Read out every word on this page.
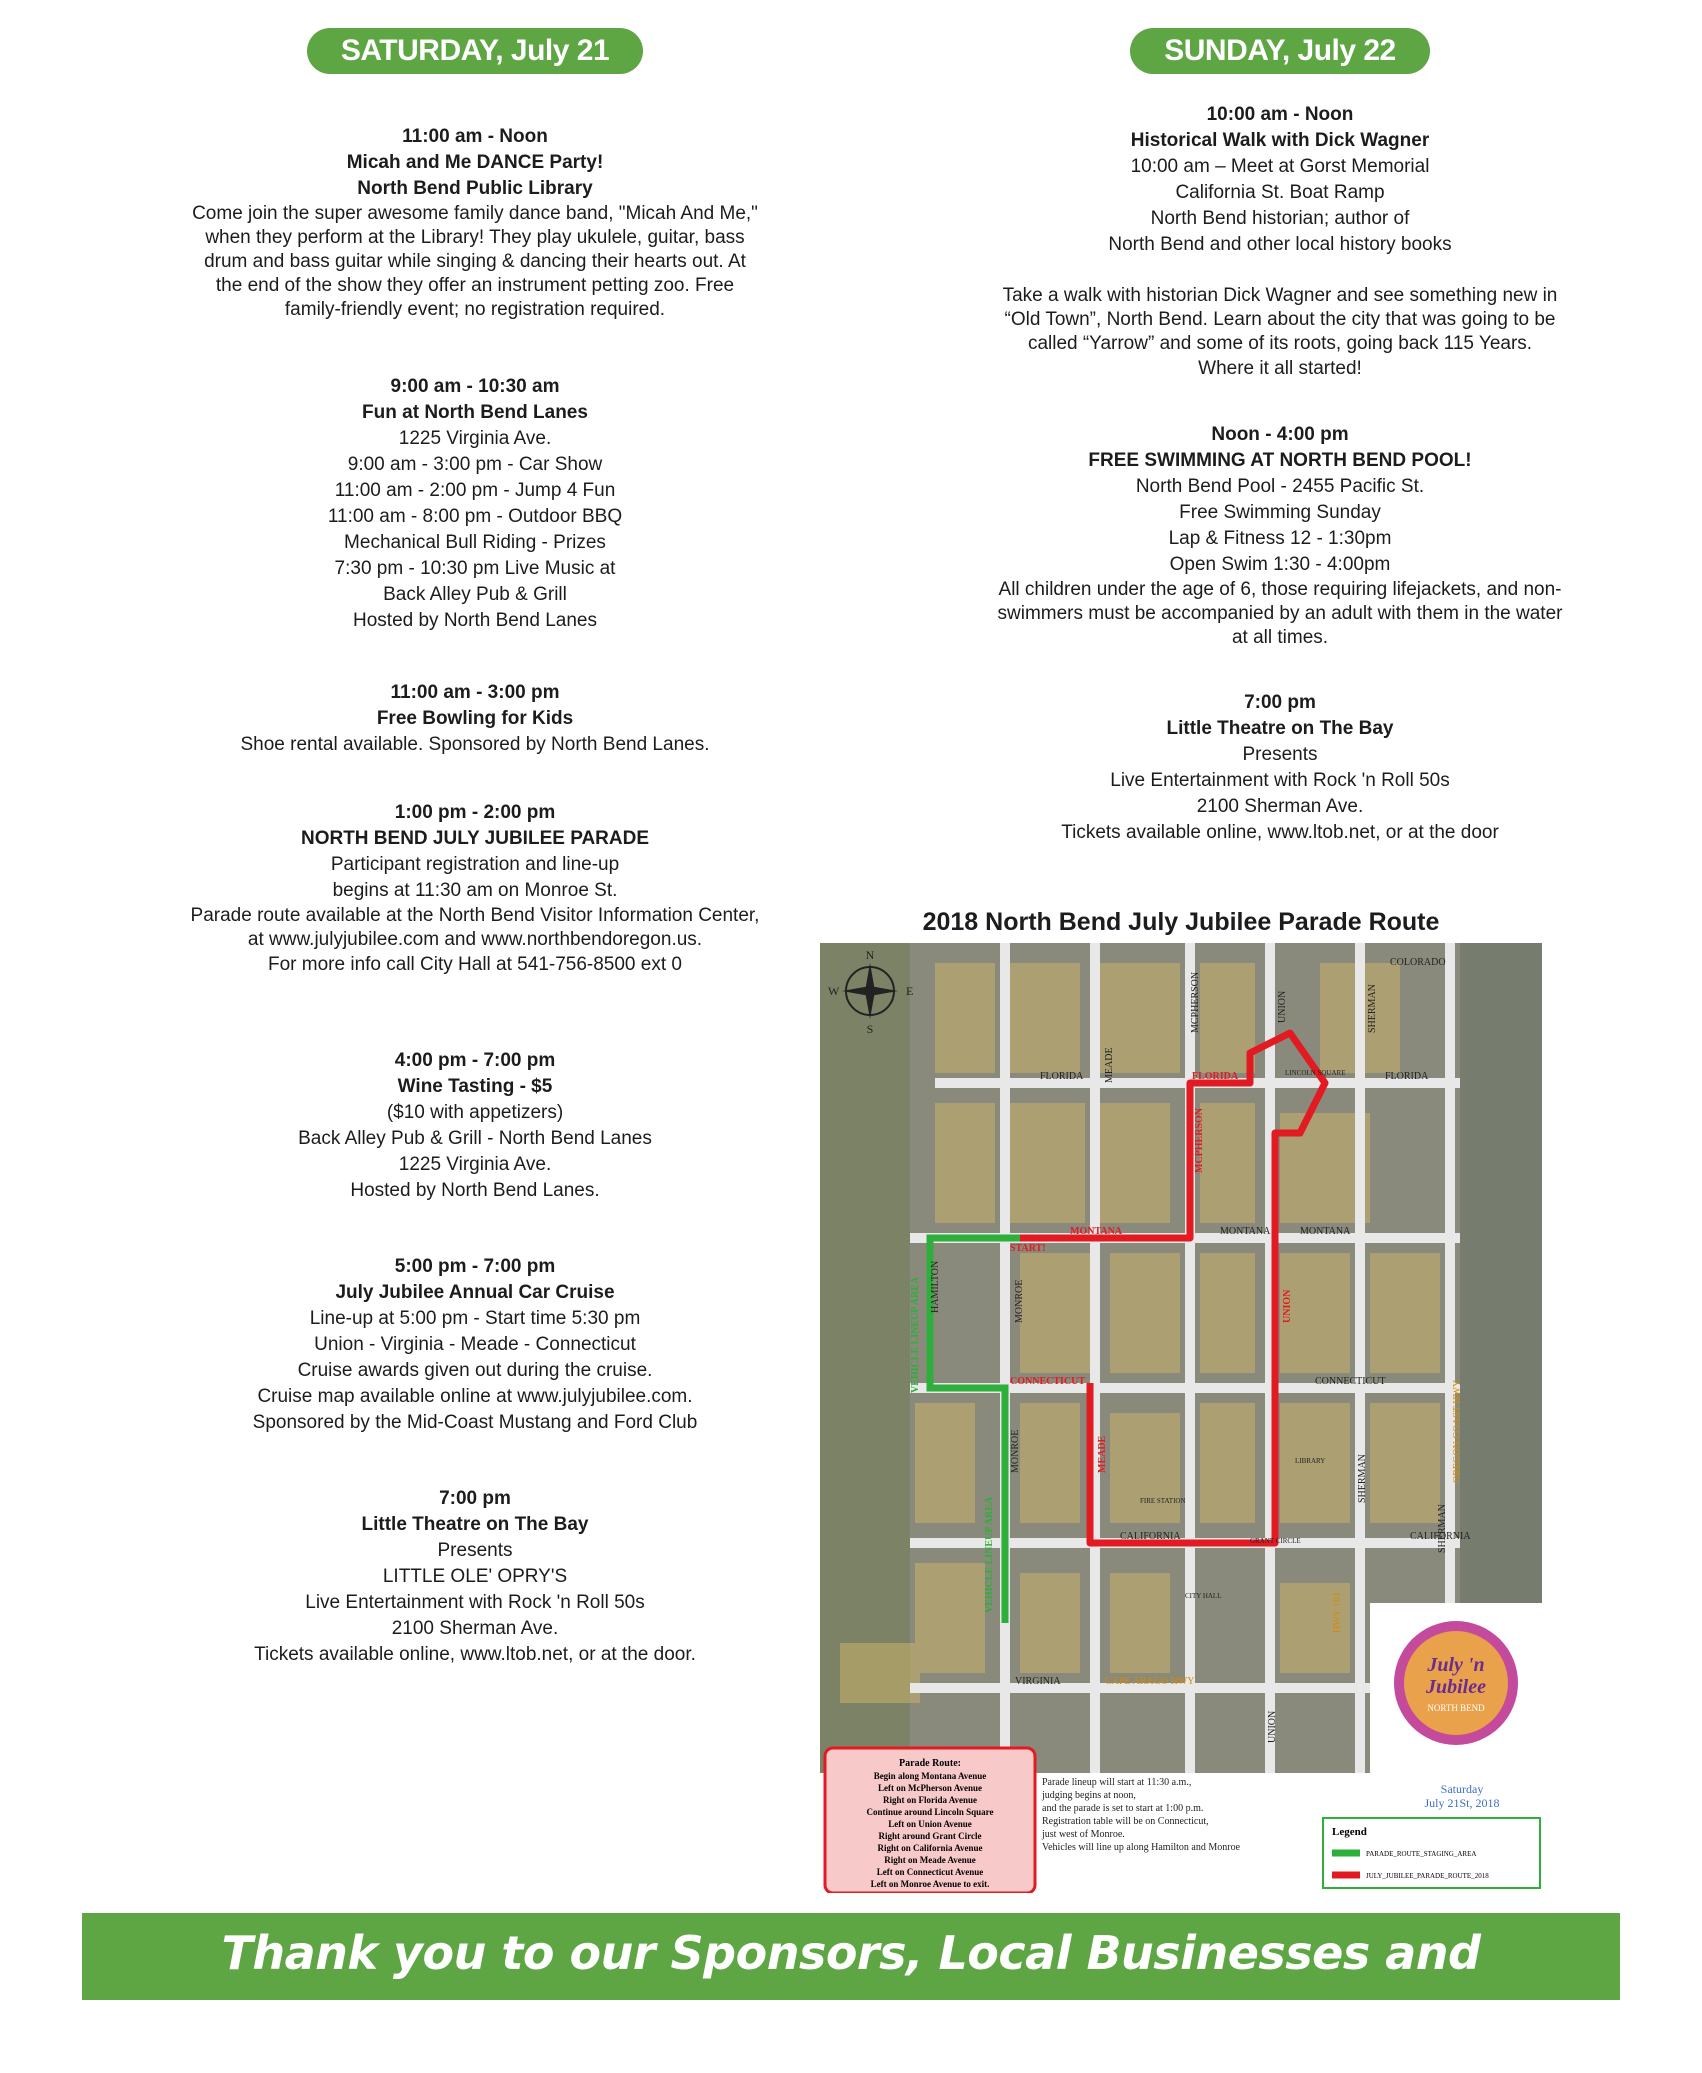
SATURDAY, July 21
11:00 am - Noon
Micah and Me DANCE Party!
North Bend Public Library
Come join the super awesome family dance band, "Micah And Me," when they perform at the Library! They play ukulele, guitar, bass drum and bass guitar while singing & dancing their hearts out. At the end of the show they offer an instrument petting zoo. Free family-friendly event; no registration required.
9:00 am - 10:30 am
Fun at North Bend Lanes
1225 Virginia Ave.
9:00 am - 3:00 pm - Car Show
11:00 am - 2:00 pm - Jump 4 Fun
11:00 am - 8:00 pm - Outdoor BBQ
Mechanical Bull Riding - Prizes
7:30 pm - 10:30 pm Live Music at
Back Alley Pub & Grill
Hosted by North Bend Lanes
11:00 am - 3:00 pm
Free Bowling for Kids
Shoe rental available. Sponsored by North Bend Lanes.
1:00 pm - 2:00 pm
NORTH BEND JULY JUBILEE PARADE
Participant registration and line-up
begins at 11:30 am on Monroe St.
Parade route available at the North Bend Visitor Information Center, at www.julyjubilee.com and www.northbendoregon.us.
For more info call City Hall at 541-756-8500 ext 0
4:00 pm - 7:00 pm
Wine Tasting - $5
($10 with appetizers)
Back Alley Pub & Grill - North Bend Lanes
1225 Virginia Ave.
Hosted by North Bend Lanes.
5:00 pm - 7:00 pm
July Jubilee Annual Car Cruise
Line-up at 5:00 pm - Start time 5:30 pm
Union - Virginia - Meade - Connecticut
Cruise awards given out during the cruise.
Cruise map available online at www.julyjubilee.com.
Sponsored by the Mid-Coast Mustang and Ford Club
7:00 pm
Little Theatre on The Bay
Presents
LITTLE OLE' OPRY'S
Live Entertainment with Rock 'n Roll 50s
2100 Sherman Ave.
Tickets available online, www.ltob.net, or at the door.
SUNDAY, July 22
10:00 am - Noon
Historical Walk with Dick Wagner
10:00 am – Meet at Gorst Memorial
California St. Boat Ramp
North Bend historian; author of
North Bend and other local history books
Take a walk with historian Dick Wagner and see something new in “Old Town”, North Bend. Learn about the city that was going to be called “Yarrow” and some of its roots, going back 115 Years.
Where it all started!
Noon - 4:00 pm
FREE SWIMMING AT NORTH BEND POOL!
North Bend Pool - 2455 Pacific St.
Free Swimming Sunday
Lap & Fitness 12 - 1:30pm
Open Swim 1:30 - 4:00pm
All children under the age of 6, those requiring lifejackets, and non-swimmers must be accompanied by an adult with them in the water at all times.
7:00 pm
Little Theatre on The Bay
Presents
Live Entertainment with Rock 'n Roll 50s
2100 Sherman Ave.
Tickets available online, www.ltob.net, or at the door
2018 North Bend July Jubilee Parade Route
N
S
E
W
FLORIDA	FLORIDA
MONTANA	MONTANA
CONNECTICUT
CALIFORNIA
CALIFORNIA
VIRGINIA	CAPE ARAGO HWY
COLORADO
MCPHERSON
MCPHERSON
MEADE
MEADE
UNION
UNION
UNION
SHERMAN
SHERMAN
SHERMAN
HAMILTON	MONROE
MONROE	OREGON COAST HWY
HWY 101
LINCOLN SQUARE
GRANT CIRCLE
LIBRARY
FIRE STATION
CITY HALL
FLORIDA
MONTANA
CONNECTICUT
START!
VEHICLE LINEUP AREA
VEHICLE LINEUP AREA
July 'n
Jubilee
NORTH BEND
Parade Route:
Begin along Montana Avenue
Left on McPherson Avenue
Right on Florida Avenue
Continue around Lincoln Square
Left on Union Avenue
Right around Grant Circle
Right on California Avenue
Right on Meade Avenue
Left on Connecticut Avenue
Left on Monroe Avenue to exit.
Parade lineup will start at 11:30 a.m.,
judging begins at noon,
and the parade is set to start at 1:00 p.m.
Registration table will be on Connecticut,
just west of Monroe.
Vehicles will line up along Hamilton and Monroe
Saturday
July 21St, 2018
Legend
PARADE_ROUTE_STAGING_AREA
JULY_JUBILEE_PARADE_ROUTE_2018
Thank you to our Sponsors, Local Businesses and Community!
